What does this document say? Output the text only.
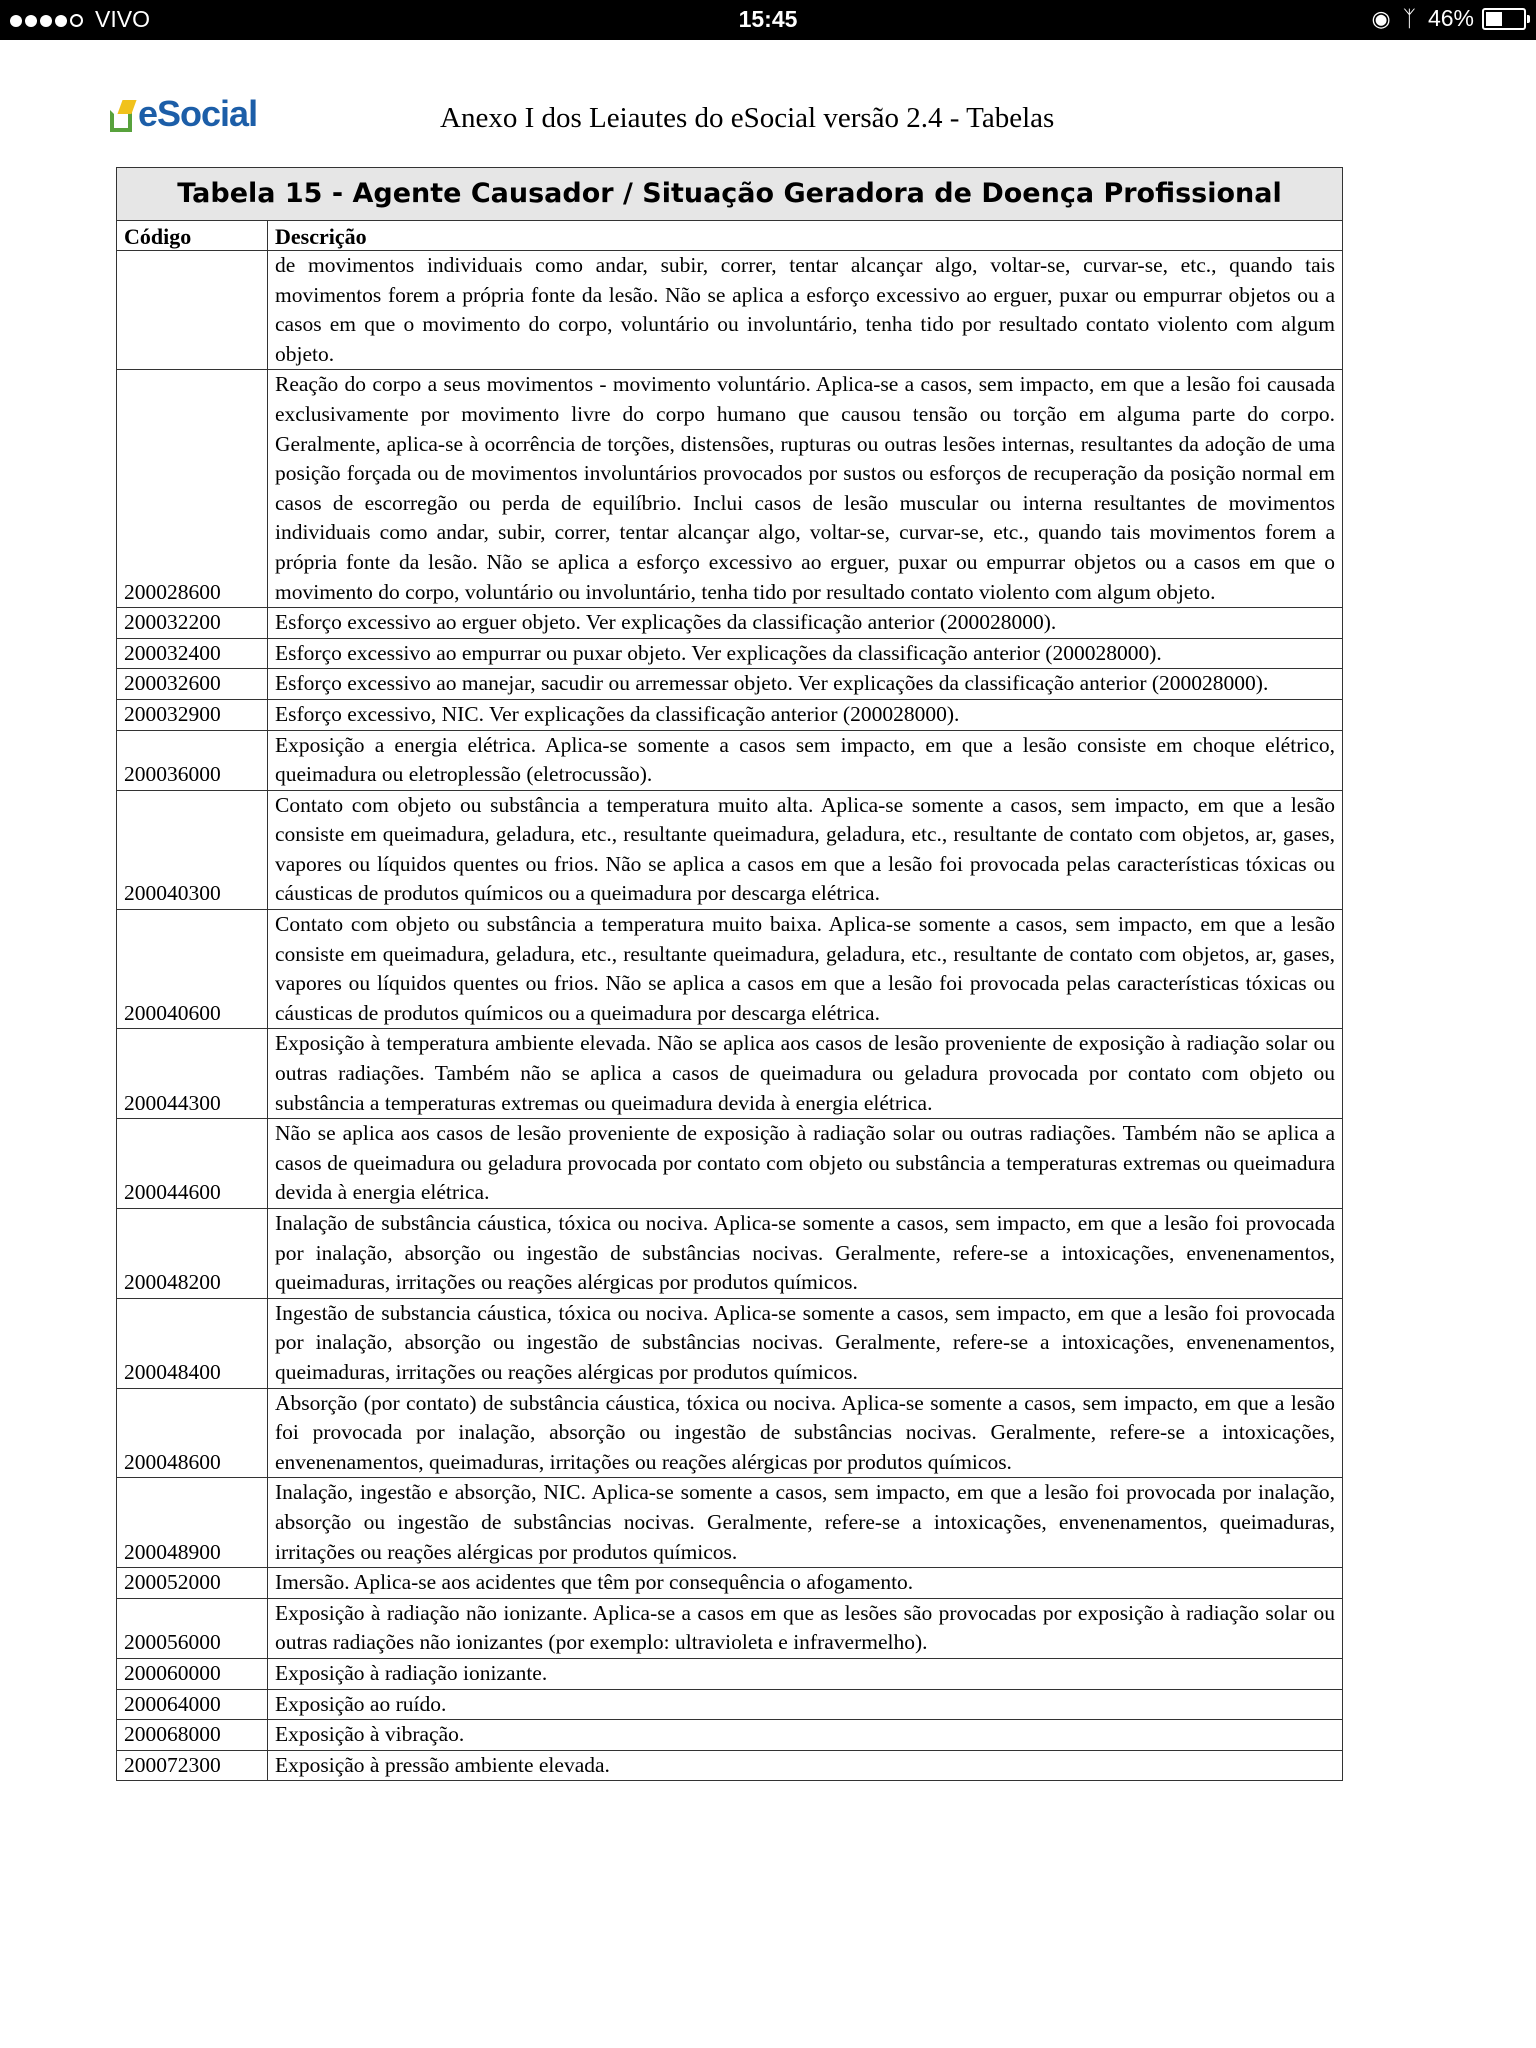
VIVO	15:45	◉ ᛉ 46%
eSocial	Anexo I dos Leiautes do eSocial versão 2.4 - Tabelas
Tabela 15 - Agente Causador / Situação Geradora de Doença Profissional	
Código	Descrição
	de movimentos individuais como andar, subir, correr, tentar alcançar algo, voltar-se, curvar-se, etc., quando tais movimentos forem a própria fonte da lesão. Não se aplica a esforço excessivo ao erguer, puxar ou empurrar objetos ou a casos em que o movimento do corpo, voluntário ou involuntário, tenha tido por resultado contato violento com algum objeto.
200028600	Reação do corpo a seus movimentos - movimento voluntário. Aplica-se a casos, sem impacto, em que a lesão foi causada exclusivamente por movimento livre do corpo humano que causou tensão ou torção em alguma parte do corpo. Geralmente, aplica-se à ocorrência de torções, distensões, rupturas ou outras lesões internas, resultantes da adoção de uma posição forçada ou de movimentos involuntários provocados por sustos ou esforços de recuperação da posição normal em casos de escorregão ou perda de equilíbrio. Inclui casos de lesão muscular ou interna resultantes de movimentos individuais como andar, subir, correr, tentar alcançar algo, voltar-se, curvar-se, etc., quando tais movimentos forem a própria fonte da lesão. Não se aplica a esforço excessivo ao erguer, puxar ou empurrar objetos ou a casos em que o movimento do corpo, voluntário ou involuntário, tenha tido por resultado contato violento com algum objeto.
200032200	Esforço excessivo ao erguer objeto. Ver explicações da classificação anterior (200028000).
200032400	Esforço excessivo ao empurrar ou puxar objeto. Ver explicações da classificação anterior (200028000).
200032600	Esforço excessivo ao manejar, sacudir ou arremessar objeto. Ver explicações da classificação anterior (200028000).
200032900	Esforço excessivo, NIC. Ver explicações da classificação anterior (200028000).
200036000	Exposição a energia elétrica. Aplica-se somente a casos sem impacto, em que a lesão consiste em choque elétrico, queimadura ou eletroplessão (eletrocussão).
200040300	Contato com objeto ou substância a temperatura muito alta. Aplica-se somente a casos, sem impacto, em que a lesão consiste em queimadura, geladura, etc., resultante queimadura, geladura, etc., resultante de contato com objetos, ar, gases, vapores ou líquidos quentes ou frios. Não se aplica a casos em que a lesão foi provocada pelas características tóxicas ou cáusticas de produtos químicos ou a queimadura por descarga elétrica.
200040600	Contato com objeto ou substância a temperatura muito baixa. Aplica-se somente a casos, sem impacto, em que a lesão consiste em queimadura, geladura, etc., resultante queimadura, geladura, etc., resultante de contato com objetos, ar, gases, vapores ou líquidos quentes ou frios. Não se aplica a casos em que a lesão foi provocada pelas características tóxicas ou cáusticas de produtos químicos ou a queimadura por descarga elétrica.
200044300	Exposição à temperatura ambiente elevada. Não se aplica aos casos de lesão proveniente de exposição à radiação solar ou outras radiações. Também não se aplica a casos de queimadura ou geladura provocada por contato com objeto ou substância a temperaturas extremas ou queimadura devida à energia elétrica.
200044600	Não se aplica aos casos de lesão proveniente de exposição à radiação solar ou outras radiações. Também não se aplica a casos de queimadura ou geladura provocada por contato com objeto ou substância a temperaturas extremas ou queimadura devida à energia elétrica.
200048200	Inalação de substância cáustica, tóxica ou nociva. Aplica-se somente a casos, sem impacto, em que a lesão foi provocada por inalação, absorção ou ingestão de substâncias nocivas. Geralmente, refere-se a intoxicações, envenenamentos, queimaduras, irritações ou reações alérgicas por produtos químicos.
200048400	Ingestão de substancia cáustica, tóxica ou nociva. Aplica-se somente a casos, sem impacto, em que a lesão foi provocada por inalação, absorção ou ingestão de substâncias nocivas. Geralmente, refere-se a intoxicações, envenenamentos, queimaduras, irritações ou reações alérgicas por produtos químicos.
200048600	Absorção (por contato) de substância cáustica, tóxica ou nociva. Aplica-se somente a casos, sem impacto, em que a lesão foi provocada por inalação, absorção ou ingestão de substâncias nocivas. Geralmente, refere-se a intoxicações, envenenamentos, queimaduras, irritações ou reações alérgicas por produtos químicos.
200048900	Inalação, ingestão e absorção, NIC. Aplica-se somente a casos, sem impacto, em que a lesão foi provocada por inalação, absorção ou ingestão de substâncias nocivas. Geralmente, refere-se a intoxicações, envenenamentos, queimaduras, irritações ou reações alérgicas por produtos químicos.
200052000	Imersão. Aplica-se aos acidentes que têm por consequência o afogamento.
200056000	Exposição à radiação não ionizante. Aplica-se a casos em que as lesões são provocadas por exposição à radiação solar ou outras radiações não ionizantes (por exemplo: ultravioleta e infravermelho).
200060000	Exposição à radiação ionizante.
200064000	Exposição ao ruído.
200068000	Exposição à vibração.
200072300	Exposição à pressão ambiente elevada.
